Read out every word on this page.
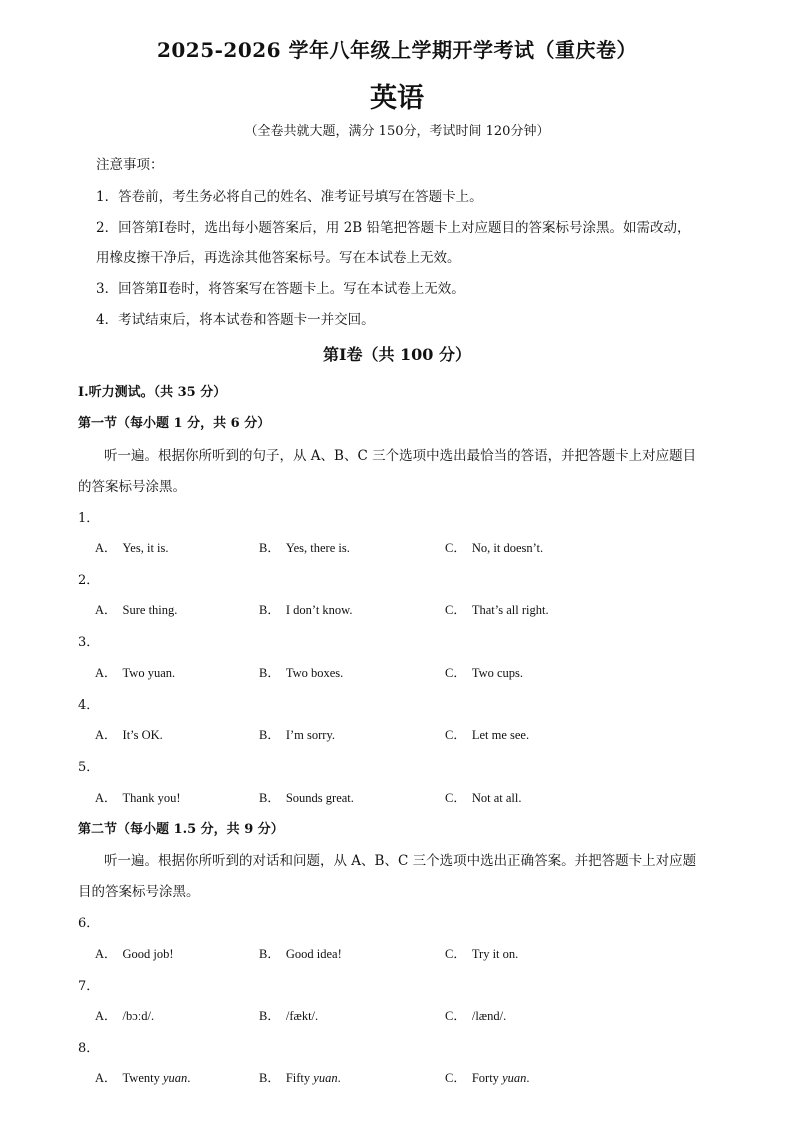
2025-2026 学年八年级上学期开学考试（重庆卷）
英语
（全卷共就大题，满分 150分，考试时间 120分钟）
注意事项：
1．答卷前，考生务必将自己的姓名、准考证号填写在答题卡上。
2．回答第Ⅰ卷时，选出每小题答案后，用 2B 铅笔把答题卡上对应题目的答案标号涂黑。如需改动，
用橡皮擦干净后，再选涂其他答案标号。写在本试卷上无效。
3．回答第Ⅱ卷时，将答案写在答题卡上。写在本试卷上无效。
4．考试结束后，将本试卷和答题卡一并交回。
第Ⅰ卷（共 100 分）
I.听力测试。（共 35 分）
第一节（每小题 1 分，共 6 分）
听一遍。根据你所听到的句子，从 A、B、C 三个选项中选出最恰当的答语，并把答题卡上对应题目
的答案标号涂黑。
1．
A． Yes, it is.	B． Yes, there is.	C． No, it doesn’t.
2．
A． Sure thing.	B． I don’t know.	C． That’s all right.
3．
A． Two yuan.	B． Two boxes.	C． Two cups.
4．
A． It’s OK.	B． I’m sorry.	C． Let me see.
5．
A． Thank you!	B． Sounds great.	C． Not at all.
第二节（每小题 1.5 分，共 9 分）
听一遍。根据你所听到的对话和问题，从 A、B、C 三个选项中选出正确答案。并把答题卡上对应题
目的答案标号涂黑。
6．
A． Good job!	B． Good idea!	C． Try it on.
7．
A． /bɔːd/.	B． /fækt/.	C． /lænd/.
8．
A． Twenty yuan.	B． Fifty yuan.	C． Forty yuan.
